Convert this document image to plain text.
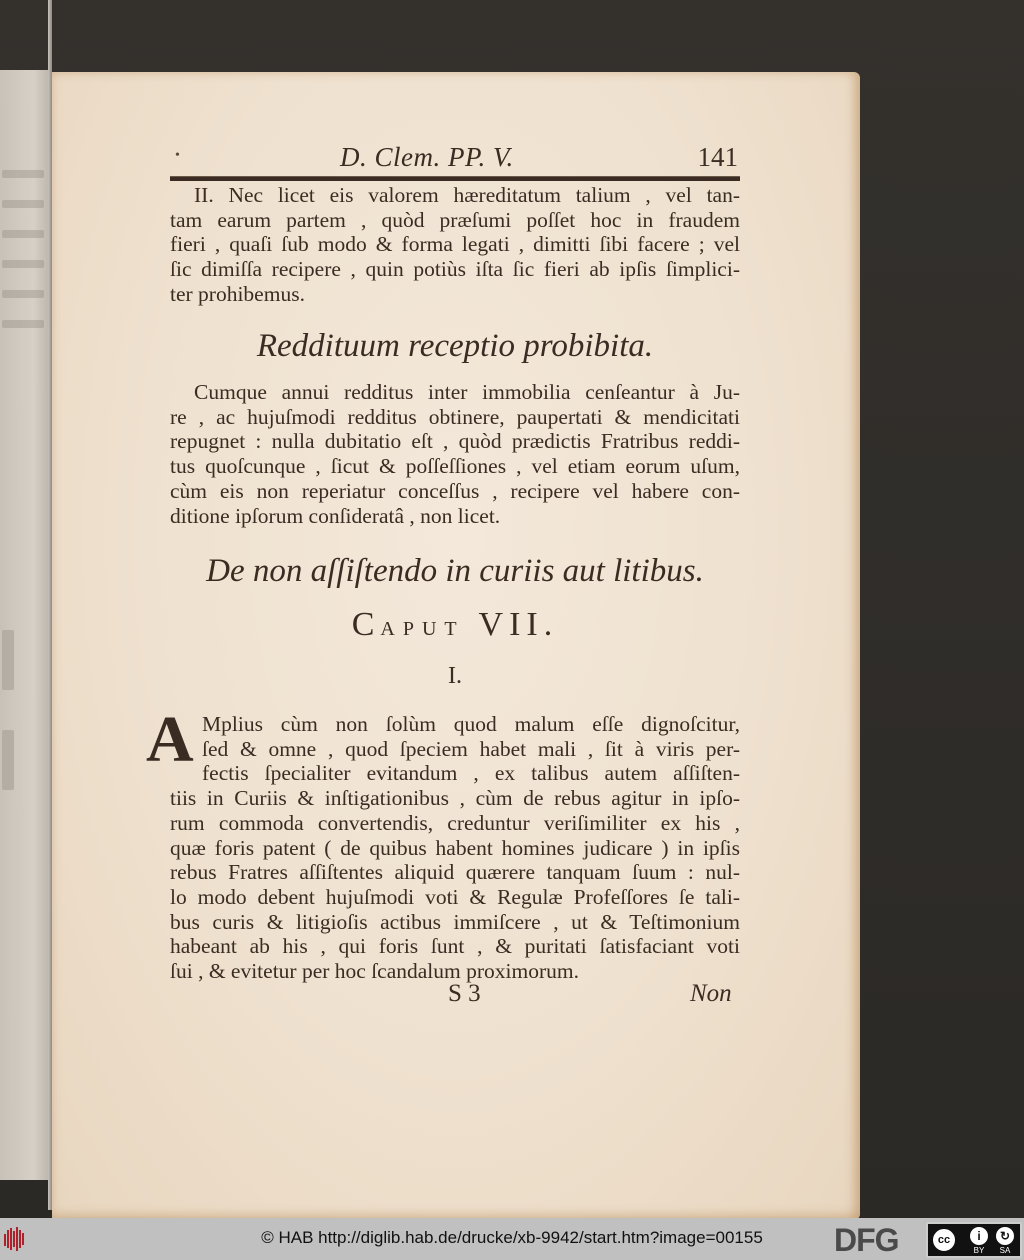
•	D. Clem. PP. V.	141
II. Nec licet eis valorem hæreditatum talium , vel tan-
tam earum partem , quòd præſumi poſſet hoc in fraudem
fieri , quaſi ſub modo & forma legati , dimitti ſibi facere ; vel
ſic dimiſſa recipere , quin potiùs iſta ſic fieri ab ipſis ſimplici-
ter prohibemus.
Reddituum receptio probibita.
Cumque annui redditus inter immobilia cenſeantur à Ju-
re , ac hujuſmodi redditus obtinere, paupertati & mendicitati
repugnet : nulla dubitatio eſt , quòd prædictis Fratribus reddi-
tus quoſcunque , ſicut & poſſeſſiones , vel etiam eorum uſum,
cùm eis non reperiatur conceſſus , recipere vel habere con-
ditione ipſorum conſideratâ , non licet.
De non aſſiſtendo in curiis aut litibus.
CAPUT VII.
I.
A Mplius cùm non ſolùm quod malum eſſe dignoſcitur,
ſed & omne , quod ſpeciem habet mali , ſit à viris per-
fectis ſpecialiter evitandum , ex talibus autem aſſiſten-
tiis in Curiis & inſtigationibus , cùm de rebus agitur in ipſo-
rum commoda convertendis, creduntur veriſimiliter ex his ,
quæ foris patent ( de quibus habent homines judicare ) in ipſis
rebus Fratres aſſiſtentes aliquid quærere tanquam ſuum : nul-
lo modo debent hujuſmodi voti & Regulæ Profeſſores ſe tali-
bus curis & litigioſis actibus immiſcere , ut & Teſtimonium
habeant ab his , qui foris ſunt , & puritati ſatisfaciant voti
ſui , & evitetur per hoc ſcandalum proximorum.
S 3	Non
© HAB http://diglib.hab.de/drucke/xb-9942/start.htm?image=00155	DFG	cc	i
BY
↻
SA
